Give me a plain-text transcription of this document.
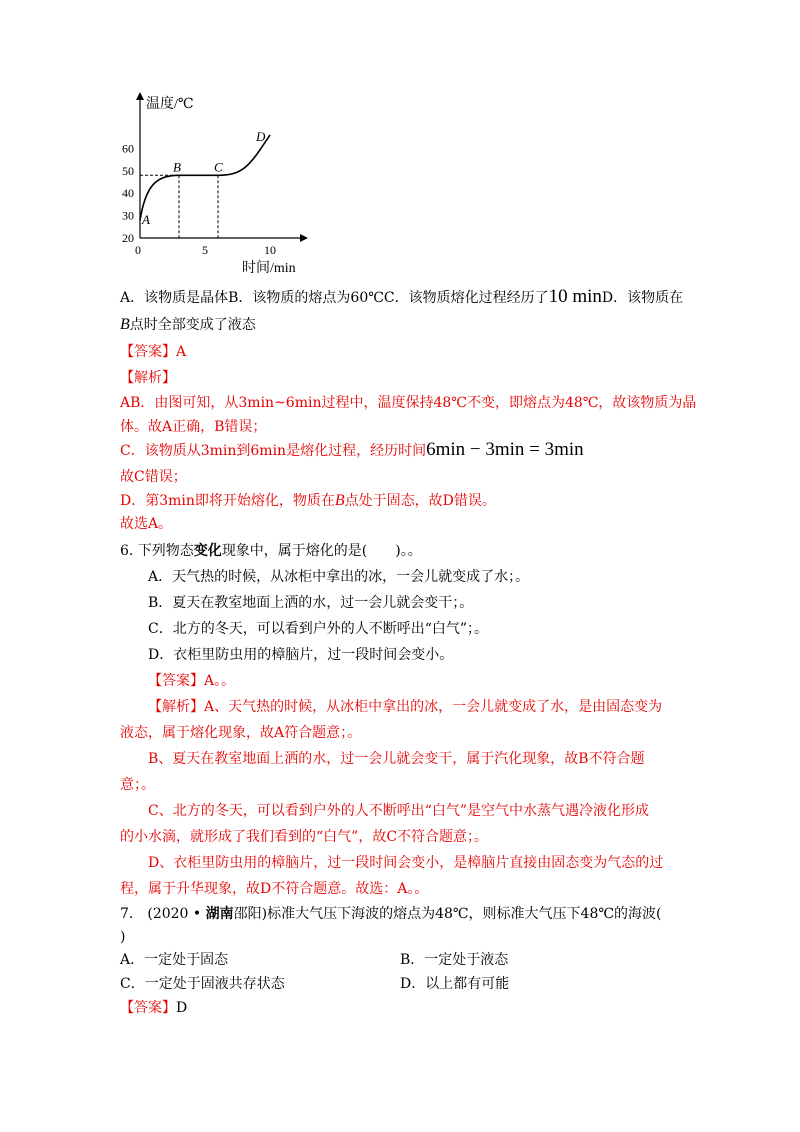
20
30
40
50
60
0	5	10
A
B	C
D
温度/℃
时间/min
A．该物质是晶体B．该物质的熔点为60℃C．该物质熔化过程经历了10 minD．该物质在
B点时全部变成了液态
【答案】A
【解析】
AB．由图可知，从3min~6min过程中，温度保持48℃不变，即熔点为48℃，故该物质为晶
体。故A正确，B错误；
C．该物质从3min到6min是熔化过程，经历时间6min − 3min = 3min
故C错误；
D．第3min即将开始熔化，物质在B点处于固态，故D错误。
故选A。
6. 下列物态变化现象中，属于熔化的是(　　)。。
A．天气热的时候，从冰柜中拿出的冰，一会儿就变成了水；。
B．夏天在教室地面上洒的水，过一会儿就会变干；。
C．北方的冬天，可以看到户外的人不断呼出“白气”；。
D．衣柜里防虫用的樟脑片，过一段时间会变小。
【答案】A。。
【解析】A、天气热的时候，从冰柜中拿出的冰，一会儿就变成了水，是由固态变为
液态，属于熔化现象，故A符合题意；。
B、夏天在教室地面上洒的水，过一会儿就会变干，属于汽化现象，故B不符合题
意；。
C、北方的冬天，可以看到户外的人不断呼出“白气”是空气中水蒸气遇冷液化形成
的小水滴，就形成了我们看到的“白气”，故C不符合题意；。
D、衣柜里防虫用的樟脑片，过一段时间会变小，是樟脑片直接由固态变为气态的过
程，属于升华现象，故D不符合题意。故选：A。。
7.　(2020 • 湖南邵阳)标准大气压下海波的熔点为48℃，则标准大气压下48℃的海波(
)
A．一定处于固态	B．一定处于液态
C．一定处于固液共存状态	D．以上都有可能
【答案】D
